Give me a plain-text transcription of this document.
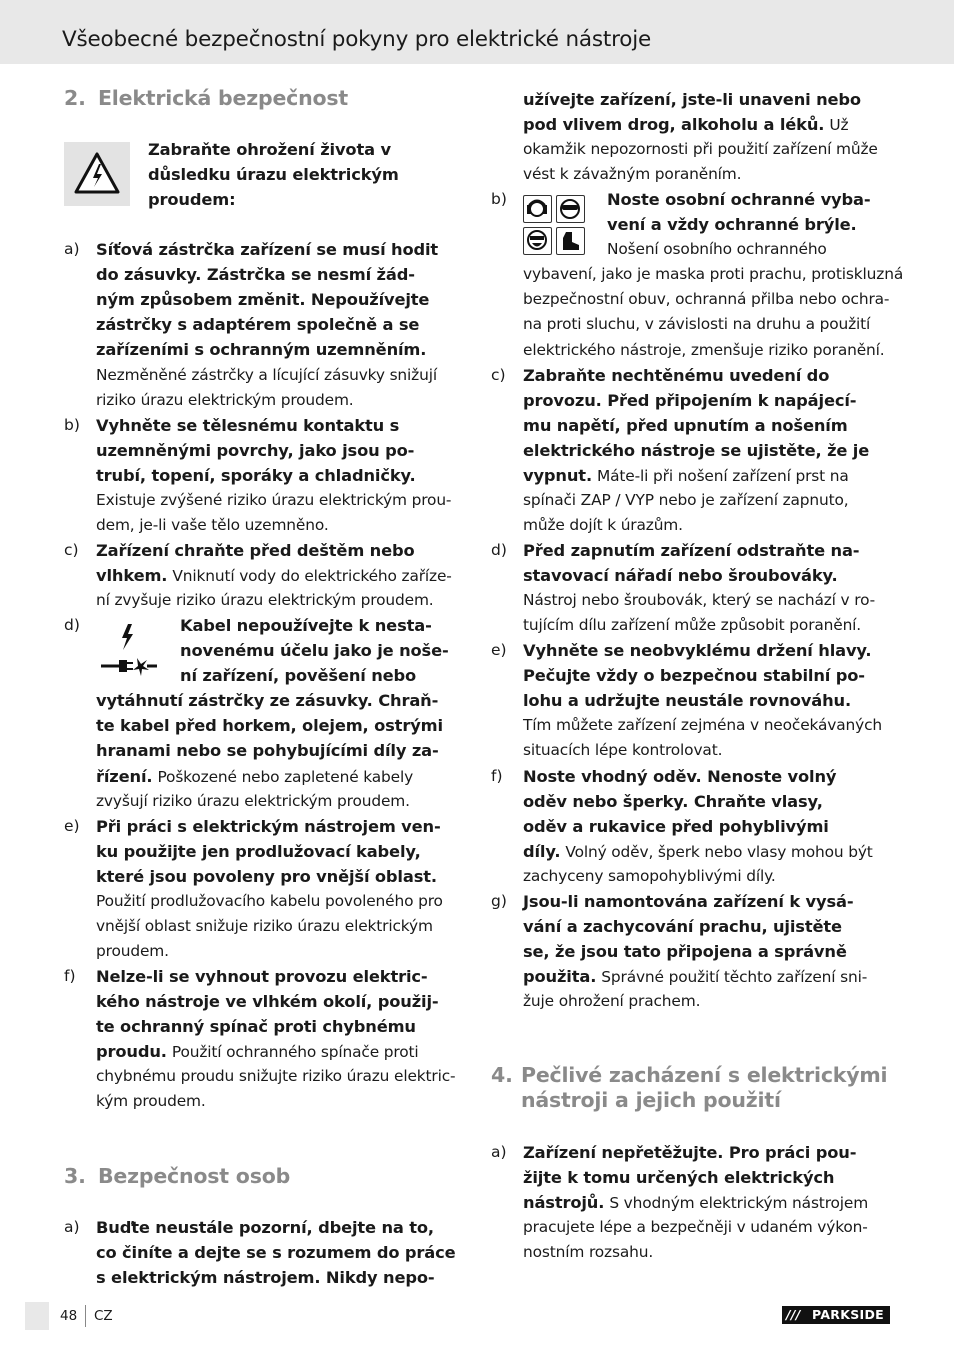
Všeobecné bezpečnostní pokyny pro elektrické nástroje
2. Elektrická bezpečnost
Zabraňte ohrožení života v
důsledku úrazu elektrickým
proudem:
a) Síťová zástrčka zařízení se musí hodit
do zásuvky. Zástrčka se nesmí žád-
ným způsobem změnit. Nepoužívejte
zástrčky s adaptérem společně a se
zařízeními s ochranným uzemněním.
Nezměněné zástrčky a lícující zásuvky snižují
riziko úrazu elektrickým proudem.
b) Vyhněte se tělesnému kontaktu s
uzemněnými povrchy, jako jsou po-
trubí, topení, sporáky a chladničky.
Existuje zvýšené riziko úrazu elektrickým prou-
dem, je-li vaše tělo uzemněno.
c) Zařízení chraňte před deštěm nebo
vlhkem. Vniknutí vody do elektrického zaříze-
ní zvyšuje riziko úrazu elektrickým proudem.
d)	Kabel nepoužívejte k nesta-
novenému účelu jako je nošе-
ní zařízení, pověšení nebo
vytáhnutí zástrčky ze zásuvky. Chraň-
te kabel před horkem, olejem, ostrými
hranami nebo se pohybujícími díly za-
řízení. Poškozené nebo zapletené kabely
zvyšují riziko úrazu elektrickým proudem.
e) Při práci s elektrickým nástrojem ven-
ku použijte jen prodlužovací kabely,
které jsou povoleny pro vnější oblast.
Použití prodlužovacího kabelu povoleného pro
vnější oblast snižuje riziko úrazu elektrickým
proudem.
f) Nelze-li se vyhnout provozu elektric-
kého nástroje ve vlhkém okolí, použij-
te ochranný spínač proti chybnému
proudu. Použití ochranného spínače proti
chybnému proudu snižujte riziko úrazu elektric-
kým proudem.
3. Bezpečnost osob
a) Buďte neustále pozorní, dbejte na to,
co činíte a dejte se s rozumem do práce
s elektrickým nástrojem. Nikdy nepo-
užívejte zařízení, jste-li unaveni nebo
pod vlivem drog, alkoholu a léků. Už
okamžik nepozornosti při použití zařízení může
vést k závažným poraněním.
b)	Noste osobní ochranné vyba-
vení a vždy ochranné brýle.
Nošení osobního ochranného
vybavení, jako je maska proti prachu, protiskluzná
bezpečnostní obuv, ochranná přilba nebo ochra-
na proti sluchu, v závislosti na druhu a použití
elektrického nástroje, zmenšuje riziko poranění.
c) Zabraňte nechtěnému uvedení do
provozu. Před připojením k napájecí-
mu napětí, před upnutím a nošením
elektrického nástroje se ujistěte, že je
vypnut. Máte-li při nošení zařízení prst na
spínači ZAP / VYP nebo je zařízení zapnuto,
může dojít k úrazům.
d) Před zapnutím zařízení odstraňte na-
stavovací nářadí nebo šroubováky.
Nástroj nebo šroubovák, který se nachází v ro-
tujícím dílu zařízení může způsobit poranění.
e) Vyhněte se neobvyklému držení hlavy.
Pečujte vždy o bezpečnou stabilní po-
lohu a udržujte neustále rovnováhu.
Tím můžete zařízení zejména v neočekávaných
situacích lépe kontrolovat.
f) Noste vhodný oděv. Nenoste volný
oděv nebo šperky. Chraňte vlasy,
oděv a rukavice před pohyblivými
díly. Volný oděv, šperk nebo vlasy mohou být
zachyceny samopohyblivými díly.
g) Jsou-li namontována zařízení k vysá-
vání a zachycování prachu, ujistěte
se, že jsou tato připojena a správně
použita. Správné použití těchto zařízení sni-
žuje ohrožení prachem.
4. Pečlivé zacházení s elektrickými nástroji a jejich použití
a) Zařízení nepřetěžujte. Pro práci pou-
žijte k tomu určených elektrických
nástrojů. S vhodným elektrickým nástrojem
pracujete lépe a bezpečněji v udaném výkon-
nostním rozsahu.
48 CZ	/// PARKSIDE
